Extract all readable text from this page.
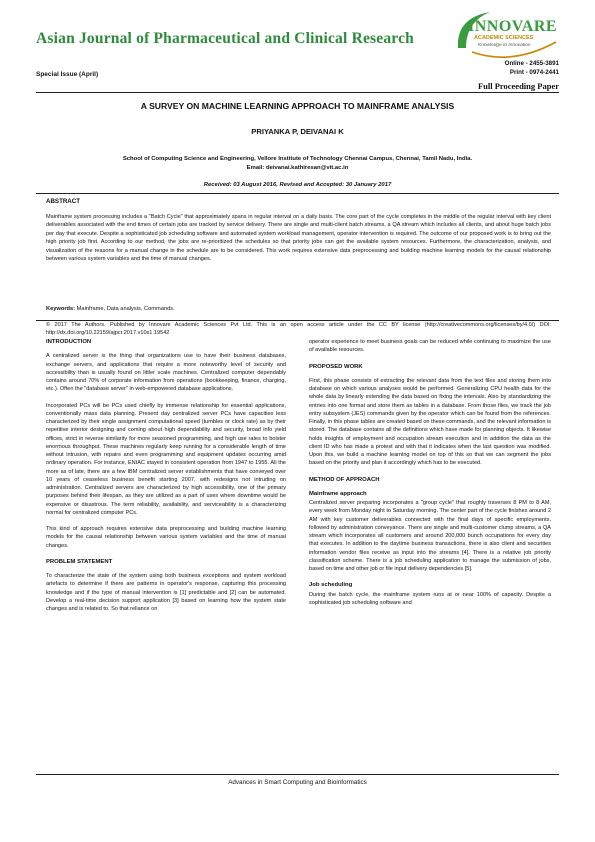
Asian Journal of Pharmaceutical and Clinical Research
INNOVARE
ACADEMIC SCIENCES
Knowledge to Innovation
Online - 2455-3891
Print - 0974-2441
Special Issue (April)
Full Proceeding Paper
A SURVEY ON MACHINE LEARNING APPROACH TO MAINFRAME ANALYSIS
PRIYANKA P, DEIVANAI K
School of Computing Science and Engineering, Vellore Institute of Technology Chennai Campus, Chennai, Tamil Nadu, India.
Email: deivanai.kathiresan@vit.ac.in
Received: 03 August 2016, Revised and Accepted: 30 January 2017
ABSTRACT
Mainframe system processing includes a "Batch Cycle" that approximately spans in regular interval on a daily basis. The core part of the cycle completes in the middle of the regular interval with key client deliverables associated with the end times of certain jobs are tracked by service delivery. There are single and multi-client batch streams, a QA stream which includes all clients, and about huge batch jobs per day that execute. Despite a sophisticated job scheduling software and automated system workload management, operator intervention is required. The outcome of our proposed work is to bring out the high priority job first. According to our method, the jobs are re-prioritized the schedules so that priority jobs can get the available system resources. Furthermore, the characterization, analysis, and visualization of the reasons for a manual change in the schedule are to be considered. This work requires extensive data preprocessing and building machine learning models for the causal relationship between various system variables and the time of manual changes.
Keywords: Mainframe, Data analysis, Commands.
© 2017 The Authors. Published by Innovare Academic Sciences Pvt Ltd. This is an open access article under the CC BY license (http://creativecommons.org/licenses/by/4.0/) DOI: http://dx.doi.org/10.22159/ajpcr.2017.v10s1.19542
INTRODUCTION
A centralized server is the thing that organizations use to have their business databases, exchange servers, and applications that require a more noteworthy level of security and accessibility than is usually found on littler scale machines. Centralized computer dependably contains around 70% of corporate information from operations (bookkeeping, finance, charging, etc.). Often the "database server" in web-empowered database applications.
Incorporated PCs will be PCs used chiefly by immense relationship for essential applications, conventionally mass data planning. Present day centralized server PCs have capacities less characterized by their single assignment computational speed (tumbles or clock rate) as by their repetitive interior designing and coming about high dependability and security, broad info yield offices, strict in reverse similarity for more seasoned programming, and high use rates to bolster enormous throughput. These machines regularly keep running for a considerable length of time without intrusion, with repairs and even programming and equipment updates occurring amid ordinary operation. For instance, ENIAC stayed in consistent operation from 1947 to 1955. All the more as of late, there are a few IBM centralized server establishments that have conveyed over 10 years of ceaseless business benefit starting 2007, with redesigns not intruding on administration. Centralized servers are characterized by high accessibility, one of the primary purposes behind their lifespan, as they are utilized as a part of uses where downtime would be expensive or disastrous. The term reliability, availability, and serviceability is a characterizing normal for centralized computer PCs.
This kind of approach requires extensive data preprocessing and building machine learning models for the causal relationship between various system variables and the time of manual changes.
PROBLEM STATEMENT
To characterize the state of the system using both business exceptions and system workload artefacts to determine if there are patterns in operator's response, capturing this processing knowledge and if the type of manual intervention is [1] predictable and [2] can be automated. Develop a real-time decision support application [3] based on learning how the system state changes and is related to. So that reliance on
operator experience to meet business goals can be reduced while continuing to maximize the use of available resources.
PROPOSED WORK
First, this phase consists of extracting the relevant data from the text files and storing them into database on which various analyses would be performed. Generalizing CPU health data for the whole data by linearly extending the data based on fixing the intervals. Also by standardizing the entries into one format and store them as tables in a database. From those files, we track the job entry subsystem (JES) commands given by the operator which can be found from the references. Finally, in this phase tables are created based on these commands, and the relevant information is stored. The database contains all the definitions which have made for planning objects. It likewise holds insights of employment and occupation stream execution and in addition the data as the client ID who has made a protest and with that it indicates when the last question was modified. Upon this, we build a machine learning model on top of this so that we can segment the jobs based on the priority and plan it accordingly which has to be executed.
METHOD OF APPROACH
Mainframe approach
Centralized server preparing incorporates a "group cycle" that roughly traverses 8 PM to 8 AM, every week from Monday night to Saturday morning. The center part of the cycle finishes around 2 AM with key customer deliverables connected with the final days of specific employments, followed by administration conveyance. There are single and multi-customer clump streams, a QA stream which incorporates all customers and around 200,000 bunch occupations for every day that executes. In addition to the daytime business transactions, there is also client and securities information vendor files receive as input into the streams [4]. There is a relative job priority classification scheme. There is a job scheduling application to manage the submission of jobs, based on time and other job or file input delivery dependencies [5].
Job scheduling
During the batch cycle, the mainframe system runs at or near 100% of capacity. Despite a sophisticated job scheduling software and
Advances in Smart Computing and Bioinformatics
